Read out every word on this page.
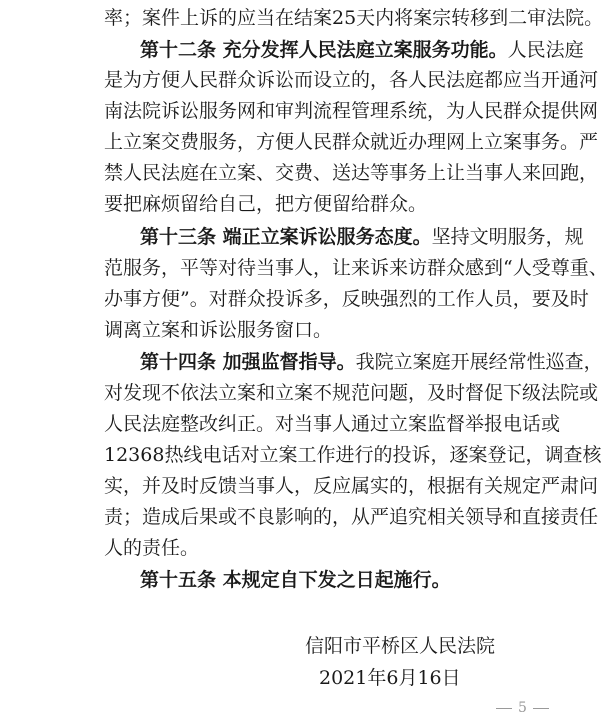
率；案件上诉的应当在结案25天内将案宗转移到二审法院。
第十二条 充分发挥人民法庭立案服务功能。人民法庭
是为方便人民群众诉讼而设立的，各人民法庭都应当开通河
南法院诉讼服务网和审判流程管理系统，为人民群众提供网
上立案交费服务，方便人民群众就近办理网上立案事务。严
禁人民法庭在立案、交费、送达等事务上让当事人来回跑，
要把麻烦留给自己，把方便留给群众。
第十三条 端正立案诉讼服务态度。坚持文明服务，规
范服务，平等对待当事人，让来诉来访群众感到“人受尊重、
办事方便”。对群众投诉多，反映强烈的工作人员，要及时
调离立案和诉讼服务窗口。
第十四条 加强监督指导。我院立案庭开展经常性巡查，
对发现不依法立案和立案不规范问题，及时督促下级法院或
人民法庭整改纠正。对当事人通过立案监督举报电话或
12368热线电话对立案工作进行的投诉，逐案登记，调查核
实，并及时反馈当事人，反应属实的，根据有关规定严肃问
责；造成后果或不良影响的，从严追究相关领导和直接责任
人的责任。
第十五条 本规定自下发之日起施行。
信阳市平桥区人民法院
2021年6月16日
5
